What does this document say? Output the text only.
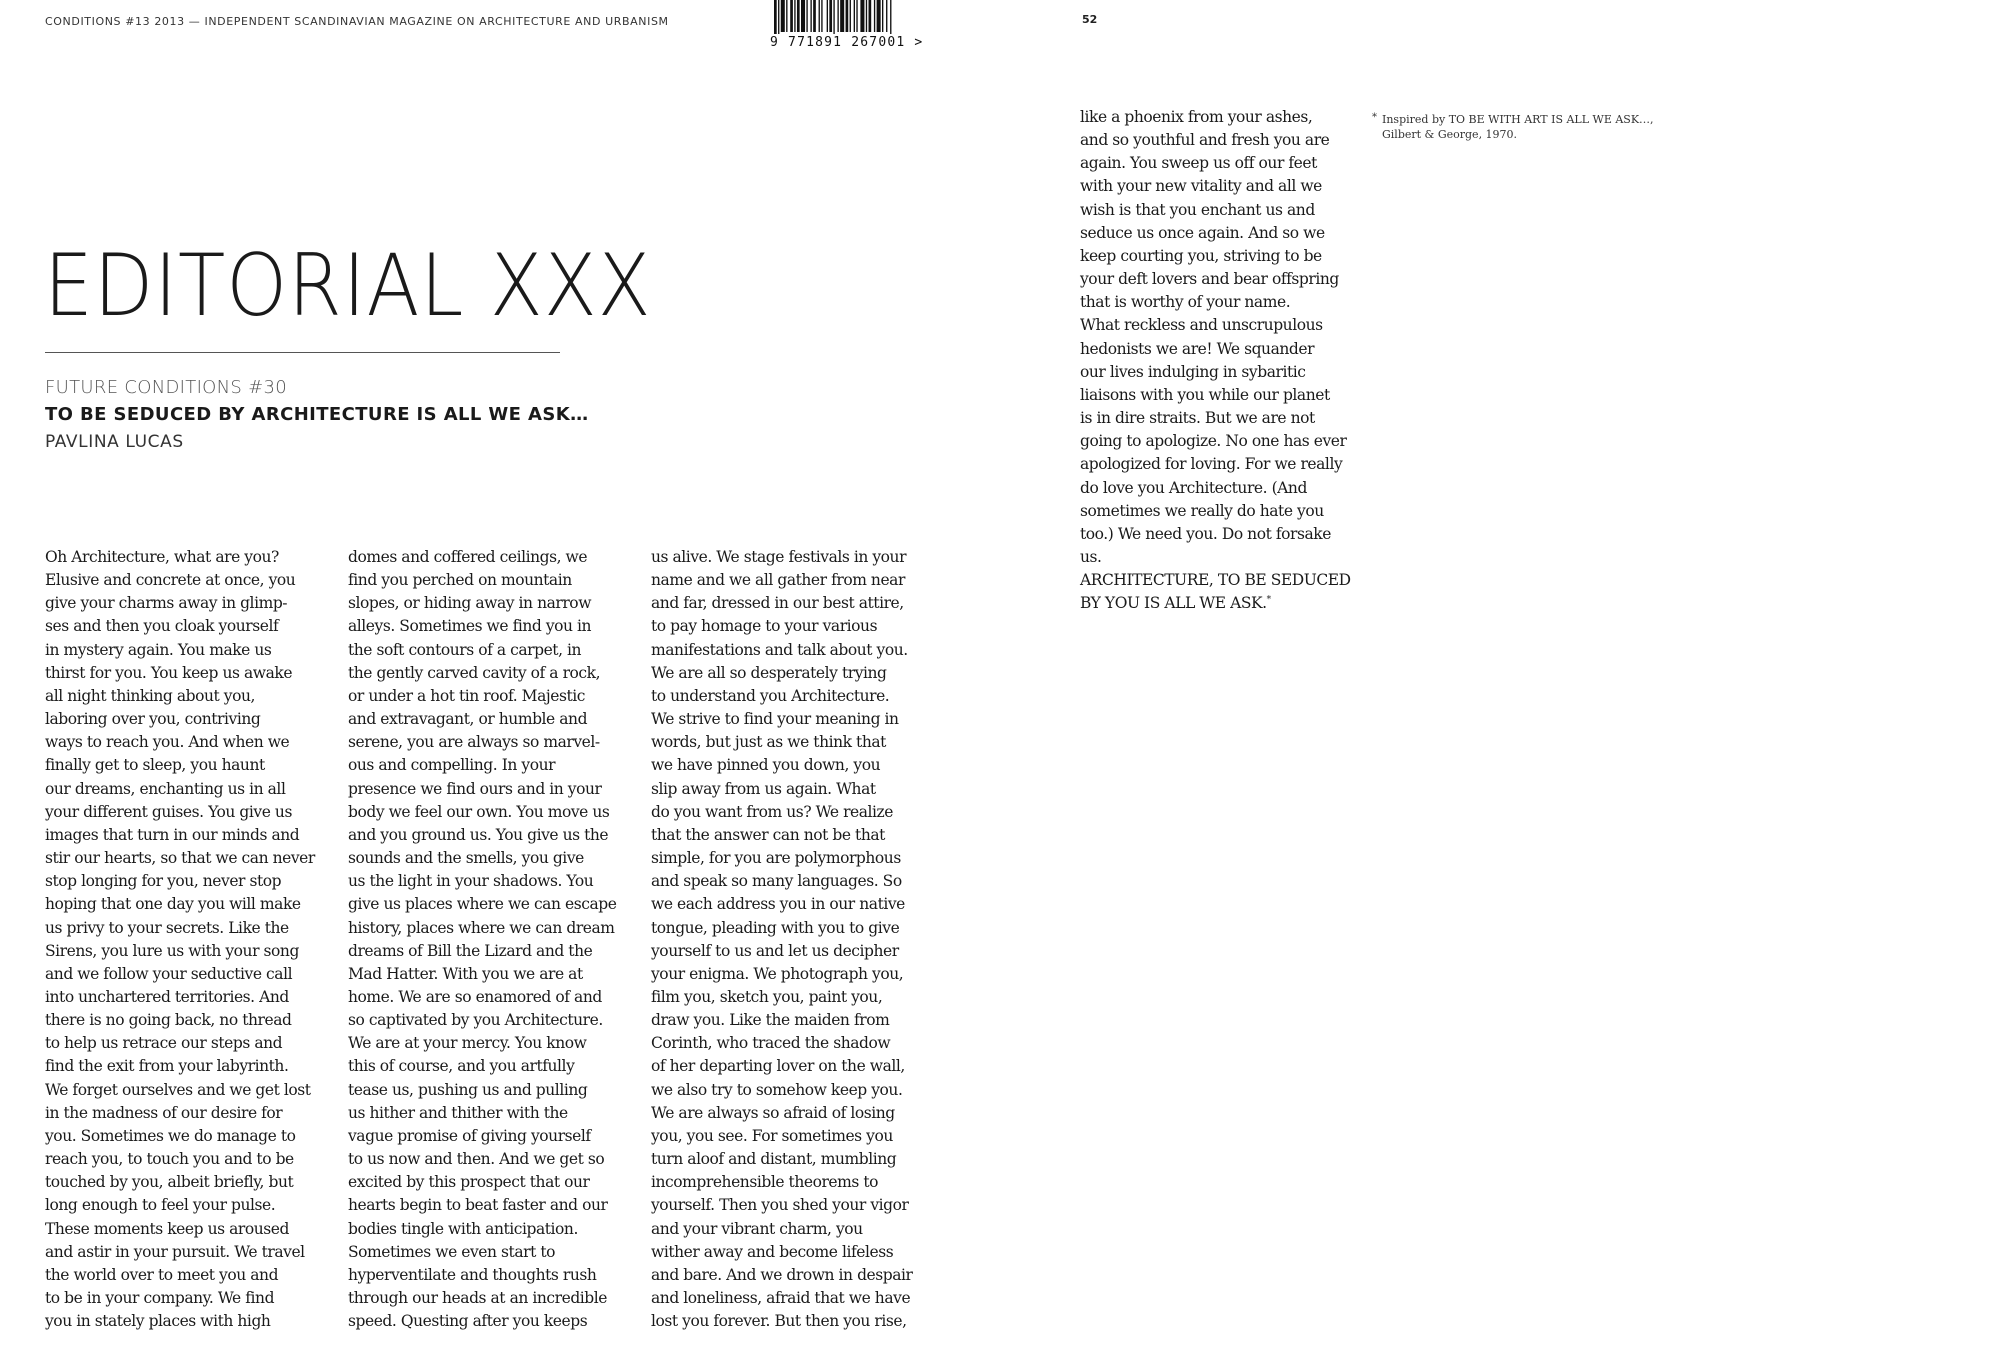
CONDITIONS #13 2013 — INDEPENDENT SCANDINAVIAN MAGAZINE ON ARCHITECTURE AND URBANISM
9 771891 267001 >
52
EDITORIAL XXX
FUTURE CONDITIONS #30
TO BE SEDUCED BY ARCHITECTURE IS ALL WE ASK…
PAVLINA LUCAS
Oh Architecture, what are you?
Elusive and concrete at once, you
give your charms away in glimp-
ses and then you cloak yourself
in mystery again. You make us
thirst for you. You keep us awake
all night thinking about you,
laboring over you, contriving
ways to reach you. And when we
finally get to sleep, you haunt
our dreams, enchanting us in all
your different guises. You give us
images that turn in our minds and
stir our hearts, so that we can never
stop longing for you, never stop
hoping that one day you will make
us privy to your secrets. Like the
Sirens, you lure us with your song
and we follow your seductive call
into unchartered territories. And
there is no going back, no thread
to help us retrace our steps and
find the exit from your labyrinth.
We forget ourselves and we get lost
in the madness of our desire for
you. Sometimes we do manage to
reach you, to touch you and to be
touched by you, albeit briefly, but
long enough to feel your pulse.
These moments keep us aroused
and astir in your pursuit. We travel
the world over to meet you and
to be in your company. We find
you in stately places with high
domes and coffered ceilings, we
find you perched on mountain
slopes, or hiding away in narrow
alleys. Sometimes we find you in
the soft contours of a carpet, in
the gently carved cavity of a rock,
or under a hot tin roof. Majestic
and extravagant, or humble and
serene, you are always so marvel-
ous and compelling. In your
presence we find ours and in your
body we feel our own. You move us
and you ground us. You give us the
sounds and the smells, you give
us the light in your shadows. You
give us places where we can escape
history, places where we can dream
dreams of Bill the Lizard and the
Mad Hatter. With you we are at
home. We are so enamored of and
so captivated by you Architecture.
We are at your mercy. You know
this of course, and you artfully
tease us, pushing us and pulling
us hither and thither with the
vague promise of giving yourself
to us now and then. And we get so
excited by this prospect that our
hearts begin to beat faster and our
bodies tingle with anticipation.
Sometimes we even start to
hyperventilate and thoughts rush
through our heads at an incredible
speed. Questing after you keeps
us alive. We stage festivals in your
name and we all gather from near
and far, dressed in our best attire,
to pay homage to your various
manifestations and talk about you.
We are all so desperately trying
to understand you Architecture.
We strive to find your meaning in
words, but just as we think that
we have pinned you down, you
slip away from us again. What
do you want from us? We realize
that the answer can not be that
simple, for you are polymorphous
and speak so many languages. So
we each address you in our native
tongue, pleading with you to give
yourself to us and let us decipher
your enigma. We photograph you,
film you, sketch you, paint you,
draw you. Like the maiden from
Corinth, who traced the shadow
of her departing lover on the wall,
we also try to somehow keep you.
We are always so afraid of losing
you, you see. For sometimes you
turn aloof and distant, mumbling
incomprehensible theorems to
yourself. Then you shed your vigor
and your vibrant charm, you
wither away and become lifeless
and bare. And we drown in despair
and loneliness, afraid that we have
lost you forever. But then you rise,
like a phoenix from your ashes,
and so youthful and fresh you are
again. You sweep us off our feet
with your new vitality and all we
wish is that you enchant us and
seduce us once again. And so we
keep courting you, striving to be
your deft lovers and bear offspring
that is worthy of your name.
What reckless and unscrupulous
hedonists we are! We squander
our lives indulging in sybaritic
liaisons with you while our planet
is in dire straits. But we are not
going to apologize. No one has ever
apologized for loving. For we really
do love you Architecture. (And
sometimes we really do hate you
too.) We need you. Do not forsake
us.
ARCHITECTURE, TO BE SEDUCED
BY YOU IS ALL WE ASK.*
* Inspired by TO BE WITH ART IS ALL WE ASK…,
Gilbert & George, 1970.
